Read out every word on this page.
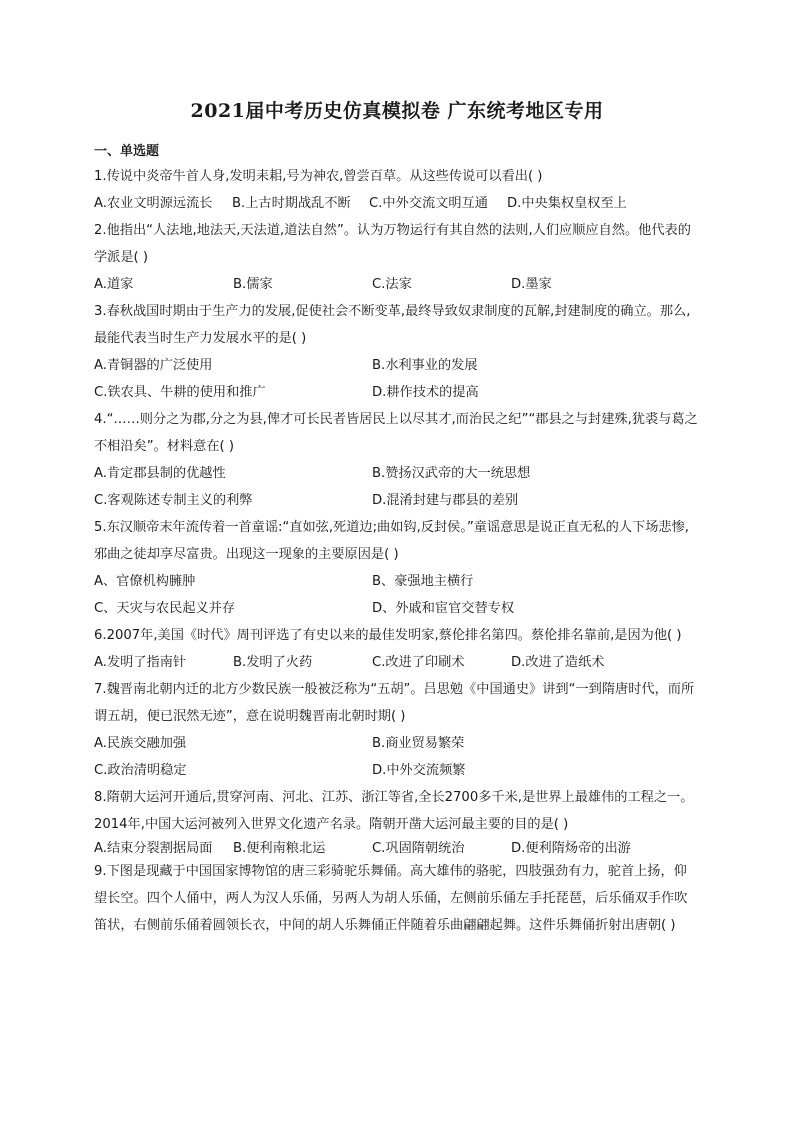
2021届中考历史仿真模拟卷 广东统考地区专用
一、单选题
1.传说中炎帝牛首人身,发明耒耜,号为神农,曾尝百草。从这些传说可以看出( )
A.农业文明源远流长	B.上古时期战乱不断	C.中外交流文明互通	D.中央集权皇权至上
2.他指出“人法地,地法天,天法道,道法自然”。认为万物运行有其自然的法则,人们应顺应自然。他代表的学派是( )
A.道家	B.儒家	C.法家	D.墨家
3.春秋战国时期由于生产力的发展,促使社会不断变革,最终导致奴隶制度的瓦解,封建制度的确立。那么,最能代表当时生产力发展水平的是( )
A.青铜器的广泛使用	B.水利事业的发展
C.铁农具、牛耕的使用和推广	D.耕作技术的提高
4.“……则分之为郡,分之为县,俾才可长民者皆居民上以尽其才,而治民之纪”“郡县之与封建殊,犹裘与葛之不相沿矣”。材料意在( )
A.肯定郡县制的优越性	B.赞扬汉武帝的大一统思想
C.客观陈述专制主义的利弊	D.混淆封建与郡县的差别
5.东汉顺帝末年流传着一首童谣:“直如弦,死道边;曲如钩,反封侯。”童谣意思是说正直无私的人下场悲惨,邪曲之徒却享尽富贵。出现这一现象的主要原因是( )
A、官僚机构臃肿	B、豪强地主横行
C、天灾与农民起义并存	D、外戚和宦官交替专权
6.2007年,美国《时代》周刊评选了有史以来的最佳发明家,蔡伦排名第四。蔡伦排名靠前,是因为他( )
A.发明了指南针	B.发明了火药	C.改进了印刷术	D.改进了造纸术
7.魏晋南北朝内迁的北方少数民族一般被泛称为“五胡”。吕思勉《中国通史》讲到“一到隋唐时代，而所谓五胡，便已泯然无迹”，意在说明魏晋南北朝时期( )
A.民族交融加强	B.商业贸易繁荣
C.政治清明稳定	D.中外交流频繁
8.隋朝大运河开通后,贯穿河南、河北、江苏、浙江等省,全长2700多千米,是世界上最雄伟的工程之一。2014年,中国大运河被列入世界文化遗产名录。隋朝开凿大运河最主要的目的是( )
A.结束分裂割据局面	B.便利南粮北运	C.巩固隋朝统治	D.便利隋炀帝的出游
9.下图是现藏于中国国家博物馆的唐三彩骑驼乐舞俑。高大雄伟的骆驼，四肢强劲有力，驼首上扬，仰望长空。四个人俑中，两人为汉人乐俑，另两人为胡人乐俑，左侧前乐俑左手托琵琶，后乐俑双手作吹笛状，右侧前乐俑着圆领长衣，中间的胡人乐舞俑正伴随着乐曲翩翩起舞。这件乐舞俑折射出唐朝( )
